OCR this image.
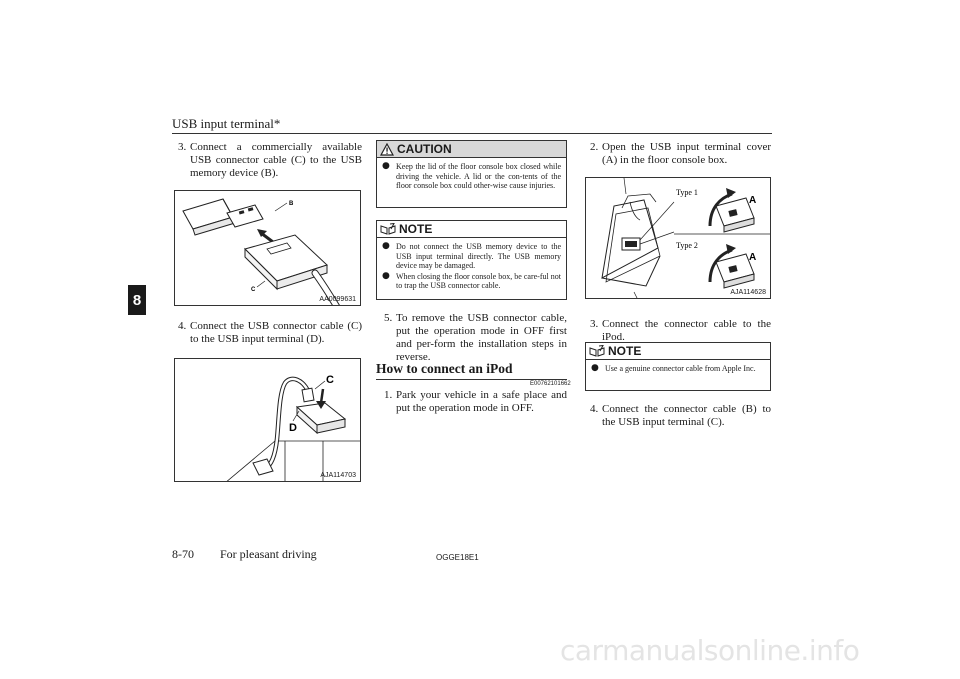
USB input terminal*
8
3. Connect a commercially available USB connector cable (C) to the USB memory device (B).
B
C
AA0099631
4. Connect the USB connector cable (C) to the USB input terminal (D).
C
D
AJA114703
CAUTION
● Keep the lid of the floor console box closed while driving the vehicle. A lid or the con-tents of the floor console box could other-wise cause injuries.
NOTE
● Do not connect the USB memory device to the USB input terminal directly. The USB memory device may be damaged.
● When closing the floor console box, be care-ful not to trap the USB connector cable.
5. To remove the USB connector cable, put the operation mode in OFF first and per-form the installation steps in reverse.
How to connect an iPod
E00762101662
1. Park your vehicle in a safe place and put the operation mode in OFF.
2. Open the USB input terminal cover (A) in the floor console box.
Type 1
Type 2
A
A
AJA114628
3. Connect the connector cable to the iPod.
NOTE
● Use a genuine connector cable from Apple Inc.
4. Connect the connector cable (B) to the USB input terminal (C).
8-70 For pleasant driving	OGGE18E1
carmanualsonline.info
